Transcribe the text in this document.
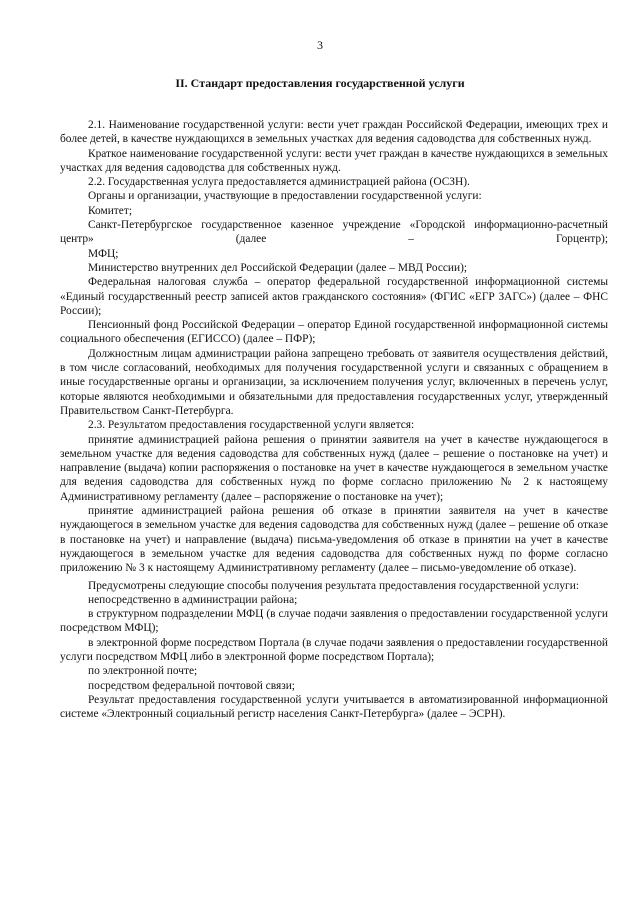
3
II. Стандарт предоставления государственной услуги

2.1. Наименование государственной услуги: вести учет граждан Российской Федерации, имеющих трех и более детей, в качестве нуждающихся в земельных участках для ведения садоводства для собственных нужд.

Краткое наименование государственной услуги: вести учет граждан в качестве нуждающихся в земельных участках для ведения садоводства для собственных нужд.

2.2. Государственная услуга предоставляется администрацией района (ОСЗН).

Органы и организации, участвующие в предоставлении государственной услуги:

Комитет;

Санкт-Петербургское государственное казенное учреждение «Городской информационно-расчетный центр» (далее – Горцентр);

МФЦ;

Министерство внутренних дел Российской Федерации (далее – МВД России);

Федеральная налоговая служба – оператор федеральной государственной информационной системы «Единый государственный реестр записей актов гражданского состояния» (ФГИС «ЕГР ЗАГС») (далее – ФНС России);

Пенсионный фонд Российской Федерации – оператор Единой государственной информационной системы социального обеспечения (ЕГИССО) (далее – ПФР);

Должностным лицам администрации района запрещено требовать от заявителя осуществления действий, в том числе согласований, необходимых для получения государственной услуги и связанных с обращением в иные государственные органы и организации, за исключением получения услуг, включенных в перечень услуг, которые являются необходимыми и обязательными для предоставления государственных услуг, утвержденный Правительством Санкт-Петербурга.

2.3. Результатом предоставления государственной услуги является:

принятие администрацией района решения о принятии заявителя на учет в качестве нуждающегося в земельном участке для ведения садоводства для собственных нужд (далее – решение о постановке на учет) и направление (выдача) копии распоряжения о постановке на учет в качестве нуждающегося в земельном участке для ведения садоводства для собственных нужд по форме согласно приложению № 2 к настоящему Административному регламенту (далее – распоряжение о постановке на учет);

принятие администрацией района решения об отказе в принятии заявителя на учет в качестве нуждающегося в земельном участке для ведения садоводства для собственных нужд (далее – решение об отказе в постановке на учет) и направление (выдача) письма-уведомления об отказе в принятии на учет в качестве нуждающегося в земельном участке для ведения садоводства для собственных нужд по форме согласно приложению № 3 к настоящему Административному регламенту (далее – письмо-уведомление об отказе).

Предусмотрены следующие способы получения результата предоставления государственной услуги:

непосредственно в администрации района;

в структурном подразделении МФЦ (в случае подачи заявления о предоставлении государственной услуги посредством МФЦ);

в электронной форме посредством Портала (в случае подачи заявления о предоставлении государственной услуги посредством МФЦ либо в электронной форме посредством Портала);

по электронной почте;

посредством федеральной почтовой связи;

Результат предоставления государственной услуги учитывается в автоматизированной информационной системе «Электронный социальный регистр населения Санкт-Петербурга» (далее – ЭСРН).
